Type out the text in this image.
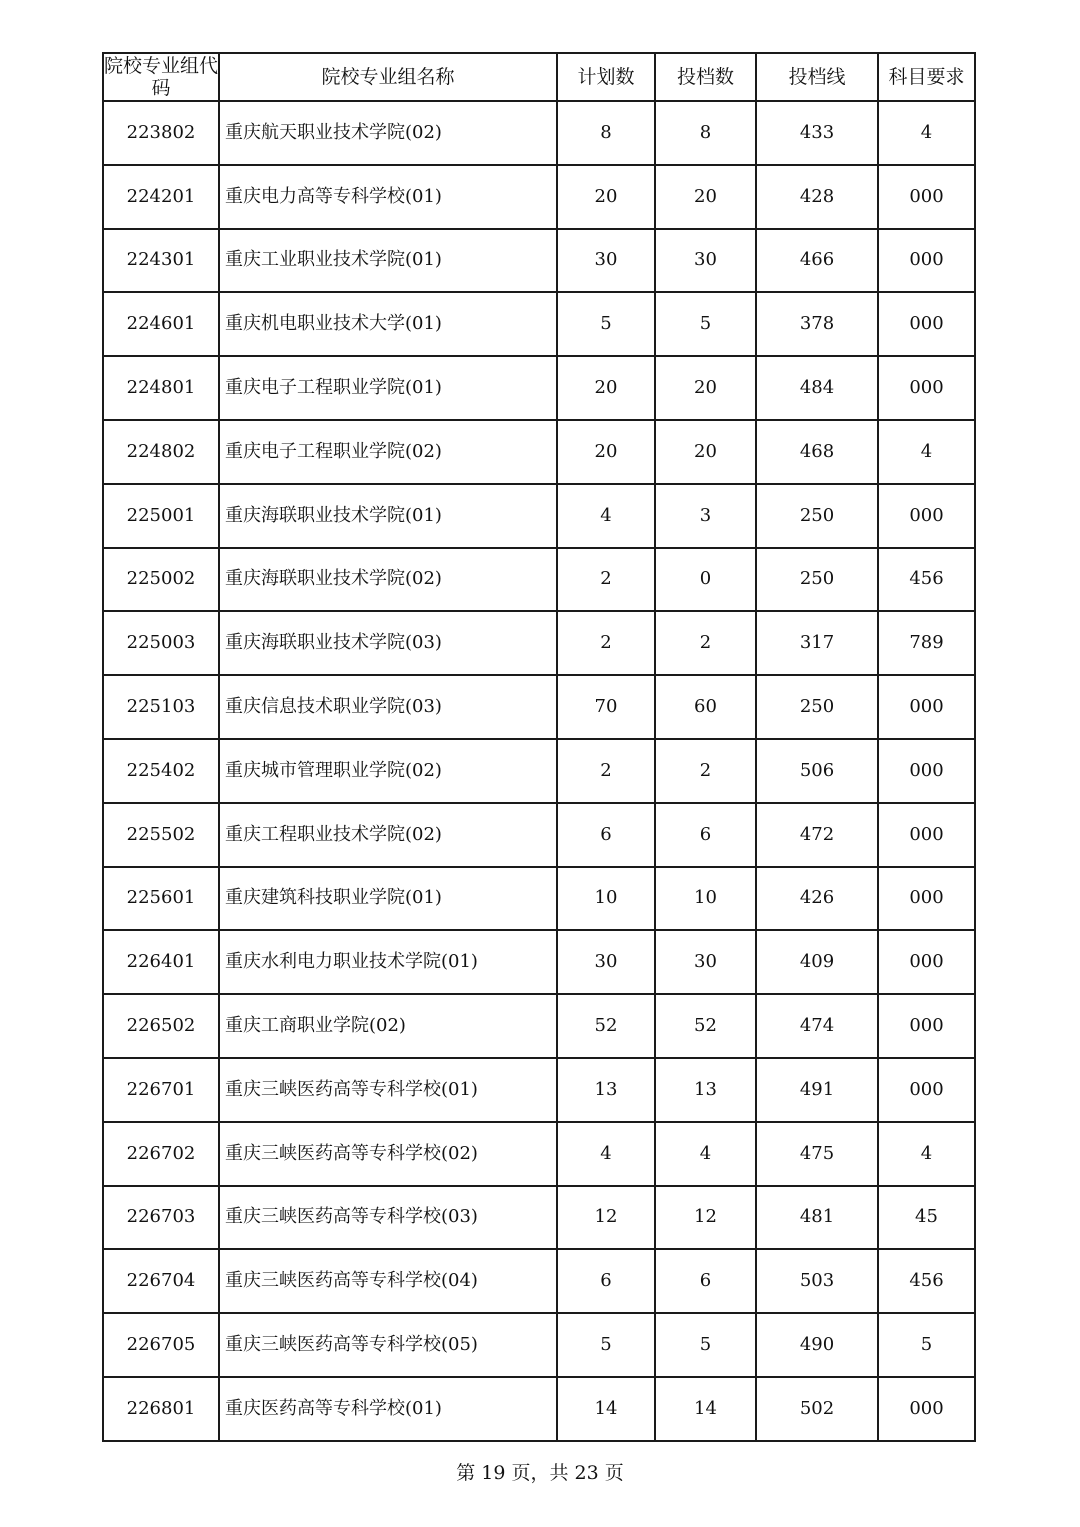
院校专业组代码	院校专业组名称	计划数	投档数	投档线	科目要求
223802	重庆航天职业技术学院(02)	8	8	433	4
224201	重庆电力高等专科学校(01)	20	20	428	000
224301	重庆工业职业技术学院(01)	30	30	466	000
224601	重庆机电职业技术大学(01)	5	5	378	000
224801	重庆电子工程职业学院(01)	20	20	484	000
224802	重庆电子工程职业学院(02)	20	20	468	4
225001	重庆海联职业技术学院(01)	4	3	250	000
225002	重庆海联职业技术学院(02)	2	0	250	456
225003	重庆海联职业技术学院(03)	2	2	317	789
225103	重庆信息技术职业学院(03)	70	60	250	000
225402	重庆城市管理职业学院(02)	2	2	506	000
225502	重庆工程职业技术学院(02)	6	6	472	000
225601	重庆建筑科技职业学院(01)	10	10	426	000
226401	重庆水利电力职业技术学院(01)	30	30	409	000
226502	重庆工商职业学院(02)	52	52	474	000
226701	重庆三峡医药高等专科学校(01)	13	13	491	000
226702	重庆三峡医药高等专科学校(02)	4	4	475	4
226703	重庆三峡医药高等专科学校(03)	12	12	481	45
226704	重庆三峡医药高等专科学校(04)	6	6	503	456
226705	重庆三峡医药高等专科学校(05)	5	5	490	5
226801	重庆医药高等专科学校(01)	14	14	502	000
第 19 页，共 23 页
